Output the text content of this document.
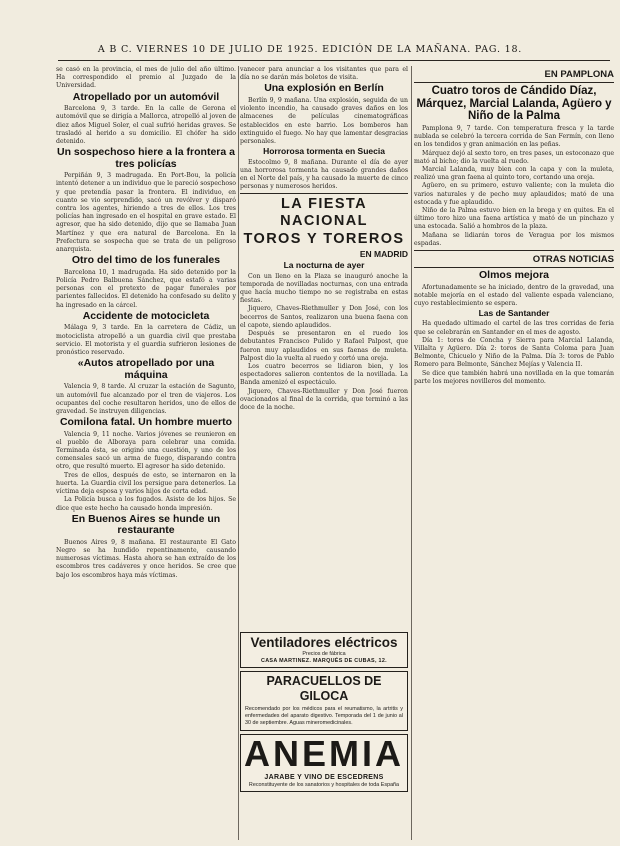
A B C. VIERNES 10 DE JULIO DE 1925. EDICIÓN DE LA MAÑANA. PAG. 18.

se casó en la provincia, el mes de julio del año último. Ha correspondido el premio al Juzgado de la Universidad.

Atropellado por un automóvil

Barcelona 9, 3 tarde. En la calle de Gerona el automóvil que se dirigía a Mallorca, atropelló al joven de diez años Miguel Soler, el cual sufrió heridas graves. Se trasladó al herido a su domicilio. El chófer ha sido detenido.

Un sospechoso hiere a la frontera a tres policías

Perpiñán 9, 3 madrugada. En Port-Bou, la policía intentó detener a un individuo que le pareció sospechoso y que pretendía pasar la frontera. El individuo, en cuanto se vio sorprendido, sacó un revólver y disparó contra los agentes, hiriendo a tres de ellos. Los tres policías han ingresado en el hospital en grave estado. El agresor, que ha sido detenido, dijo que se llamaba Juan Martínez y que era natural de Barcelona. En la Prefectura se sospecha que se trata de un peligroso anarquista.

Otro del timo de los funerales

Barcelona 10, 1 madrugada. Ha sido detenido por la Policía Pedro Balbuena Sánchez, que estafó a varias personas con el pretexto de pagar funerales por parientes fallecidos. El detenido ha confesado su delito y ha ingresado en la cárcel.

Accidente de motocicleta

Málaga 9, 3 tarde. En la carretera de Cádiz, un motociclista atropelló a un guardia civil que prestaba servicio. El motorista y el guardia sufrieron lesiones de pronóstico reservado.

«Autos atropellado por una máquina

Valencia 9, 8 tarde. Al cruzar la estación de Sagunto, un automóvil fue alcanzado por el tren de viajeros. Los ocupantes del coche resultaron heridos, uno de ellos de gravedad. Se instruyen diligencias.

Comilona fatal. Un hombre muerto

Valencia 9, 11 noche. Varios jóvenes se reunieron en el pueblo de Alboraya para celebrar una comida. Terminada ésta, se originó una cuestión, y uno de los comensales sacó un arma de fuego, disparando contra otro, que resultó muerto. El agresor ha sido detenido.

Tres de ellos, después de esto, se internaron en la huerta. La Guardia civil los persigue para detenerlos. La víctima deja esposa y varios hijos de corta edad.

La Policía busca a los fugados. Asiste de los hijos. Se dice que este hecho ha causado honda impresión.

En Buenos Aires se hunde un restaurante

Buenos Aires 9, 8 mañana. El restaurante El Gato Negro se ha hundido repentinamente, causando numerosas víctimas. Hasta ahora se han extraído de los escombros tres cadáveres y once heridos. Se cree que bajo los escombros haya más víctimas.

vanecer para anunciar a los visitantes que para el día no se darán más boletos de visita.

Una explosión en Berlín

Berlín 9, 9 mañana. Una explosión, seguida de un violento incendio, ha causado graves daños en los almacenes de películas cinematográficas establecidos en este barrio. Los bomberos han extinguido el fuego. No hay que lamentar desgracias personales.

Horrorosa tormenta en Suecia

Estocolmo 9, 8 mañana. Durante el día de ayer una horrorosa tormenta ha causado grandes daños en el Norte del país, y ha causado la muerte de cinco personas y numerosos heridos.

LA FIESTA NACIONAL
TOROS Y TOREROS
EN MADRID
La nocturna de ayer

Con un lleno en la Plaza se inauguró anoche la temporada de novilladas nocturnas, con una entrada que hacía mucho tiempo no se registraba en estas fiestas.

Jiquero, Chaves-Riethmuller y Don José, con los becerros de Santos, realizaron una buena faena con el capote, siendo aplaudidos.

Después se presentaron en el ruedo los debutantes Francisco Pulido y Rafael Palpost, que fueron muy aplaudidos en sus faenas de muleta. Palpost dio la vuelta al ruedo y cortó una oreja.

Los cuatro becerros se lidiaron bien, y los espectadores salieron contentos de la novillada. La Banda amenizó el espectáculo.

Jiquero, Chaves-Riethmuller y Don José fueron ovacionados al final de la corrida, que terminó a las doce de la noche.

Ventiladores eléctricos
Precios de fábrica
CASA MARTINEZ. MARQUÉS DE CUBAS, 12.
PARACUELLOS DE GILOCA
Recomendado por los médicos para el reumatismo, la artritis y enfermedades del aparato digestivo. Temporada del 1 de junio al 30 de septiembre. Aguas mineromedicinales.
ANEMIA
JARABE Y VINO DE ESCEDRENS
Reconstituyente de los sanatorios y hospitales de toda España
EN PAMPLONA
Cuatro toros de Cándido Díaz, Márquez, Marcial Lalanda, Agüero y Niño de la Palma

Pamplona 9, 7 tarde. Con temperatura fresca y la tarde nublada se celebró la tercera corrida de San Fermín, con lleno en los tendidos y gran animación en las peñas.

Márquez dejó al sexto toro, en tres pases, un estoconazo que mató al bicho; dio la vuelta al ruedo.

Marcial Lalanda, muy bien con la capa y con la muleta, realizó una gran faena al quinto toro, cortando una oreja.

Agüero, en su primero, estuvo valiente; con la muleta dio varios naturales y de pecho muy aplaudidos; mató de una estocada y fue aplaudido.

Niño de la Palma estuvo bien en la brega y en quites. En el último toro hizo una faena artística y mató de un pinchazo y una estocada. Salió a hombros de la plaza.

Mañana se lidiarán toros de Veragua por los mismos espadas.

OTRAS NOTICIAS
Olmos mejora

Afortunadamente se ha iniciado, dentro de la gravedad, una notable mejoría en el estado del valiente espada valenciano, cuyo restablecimiento se espera.

Las de Santander

Ha quedado ultimado el cartel de las tres corridas de feria que se celebrarán en Santander en el mes de agosto.

Día 1: toros de Concha y Sierra para Marcial Lalanda, Villalta y Agüero. Día 2: toros de Santa Coloma para Juan Belmonte, Chicuelo y Niño de la Palma. Día 3: toros de Pablo Romero para Belmonte, Sánchez Mejías y Valencia II.

Se dice que también habrá una novillada en la que tomarán parte los mejores novilleros del momento.
